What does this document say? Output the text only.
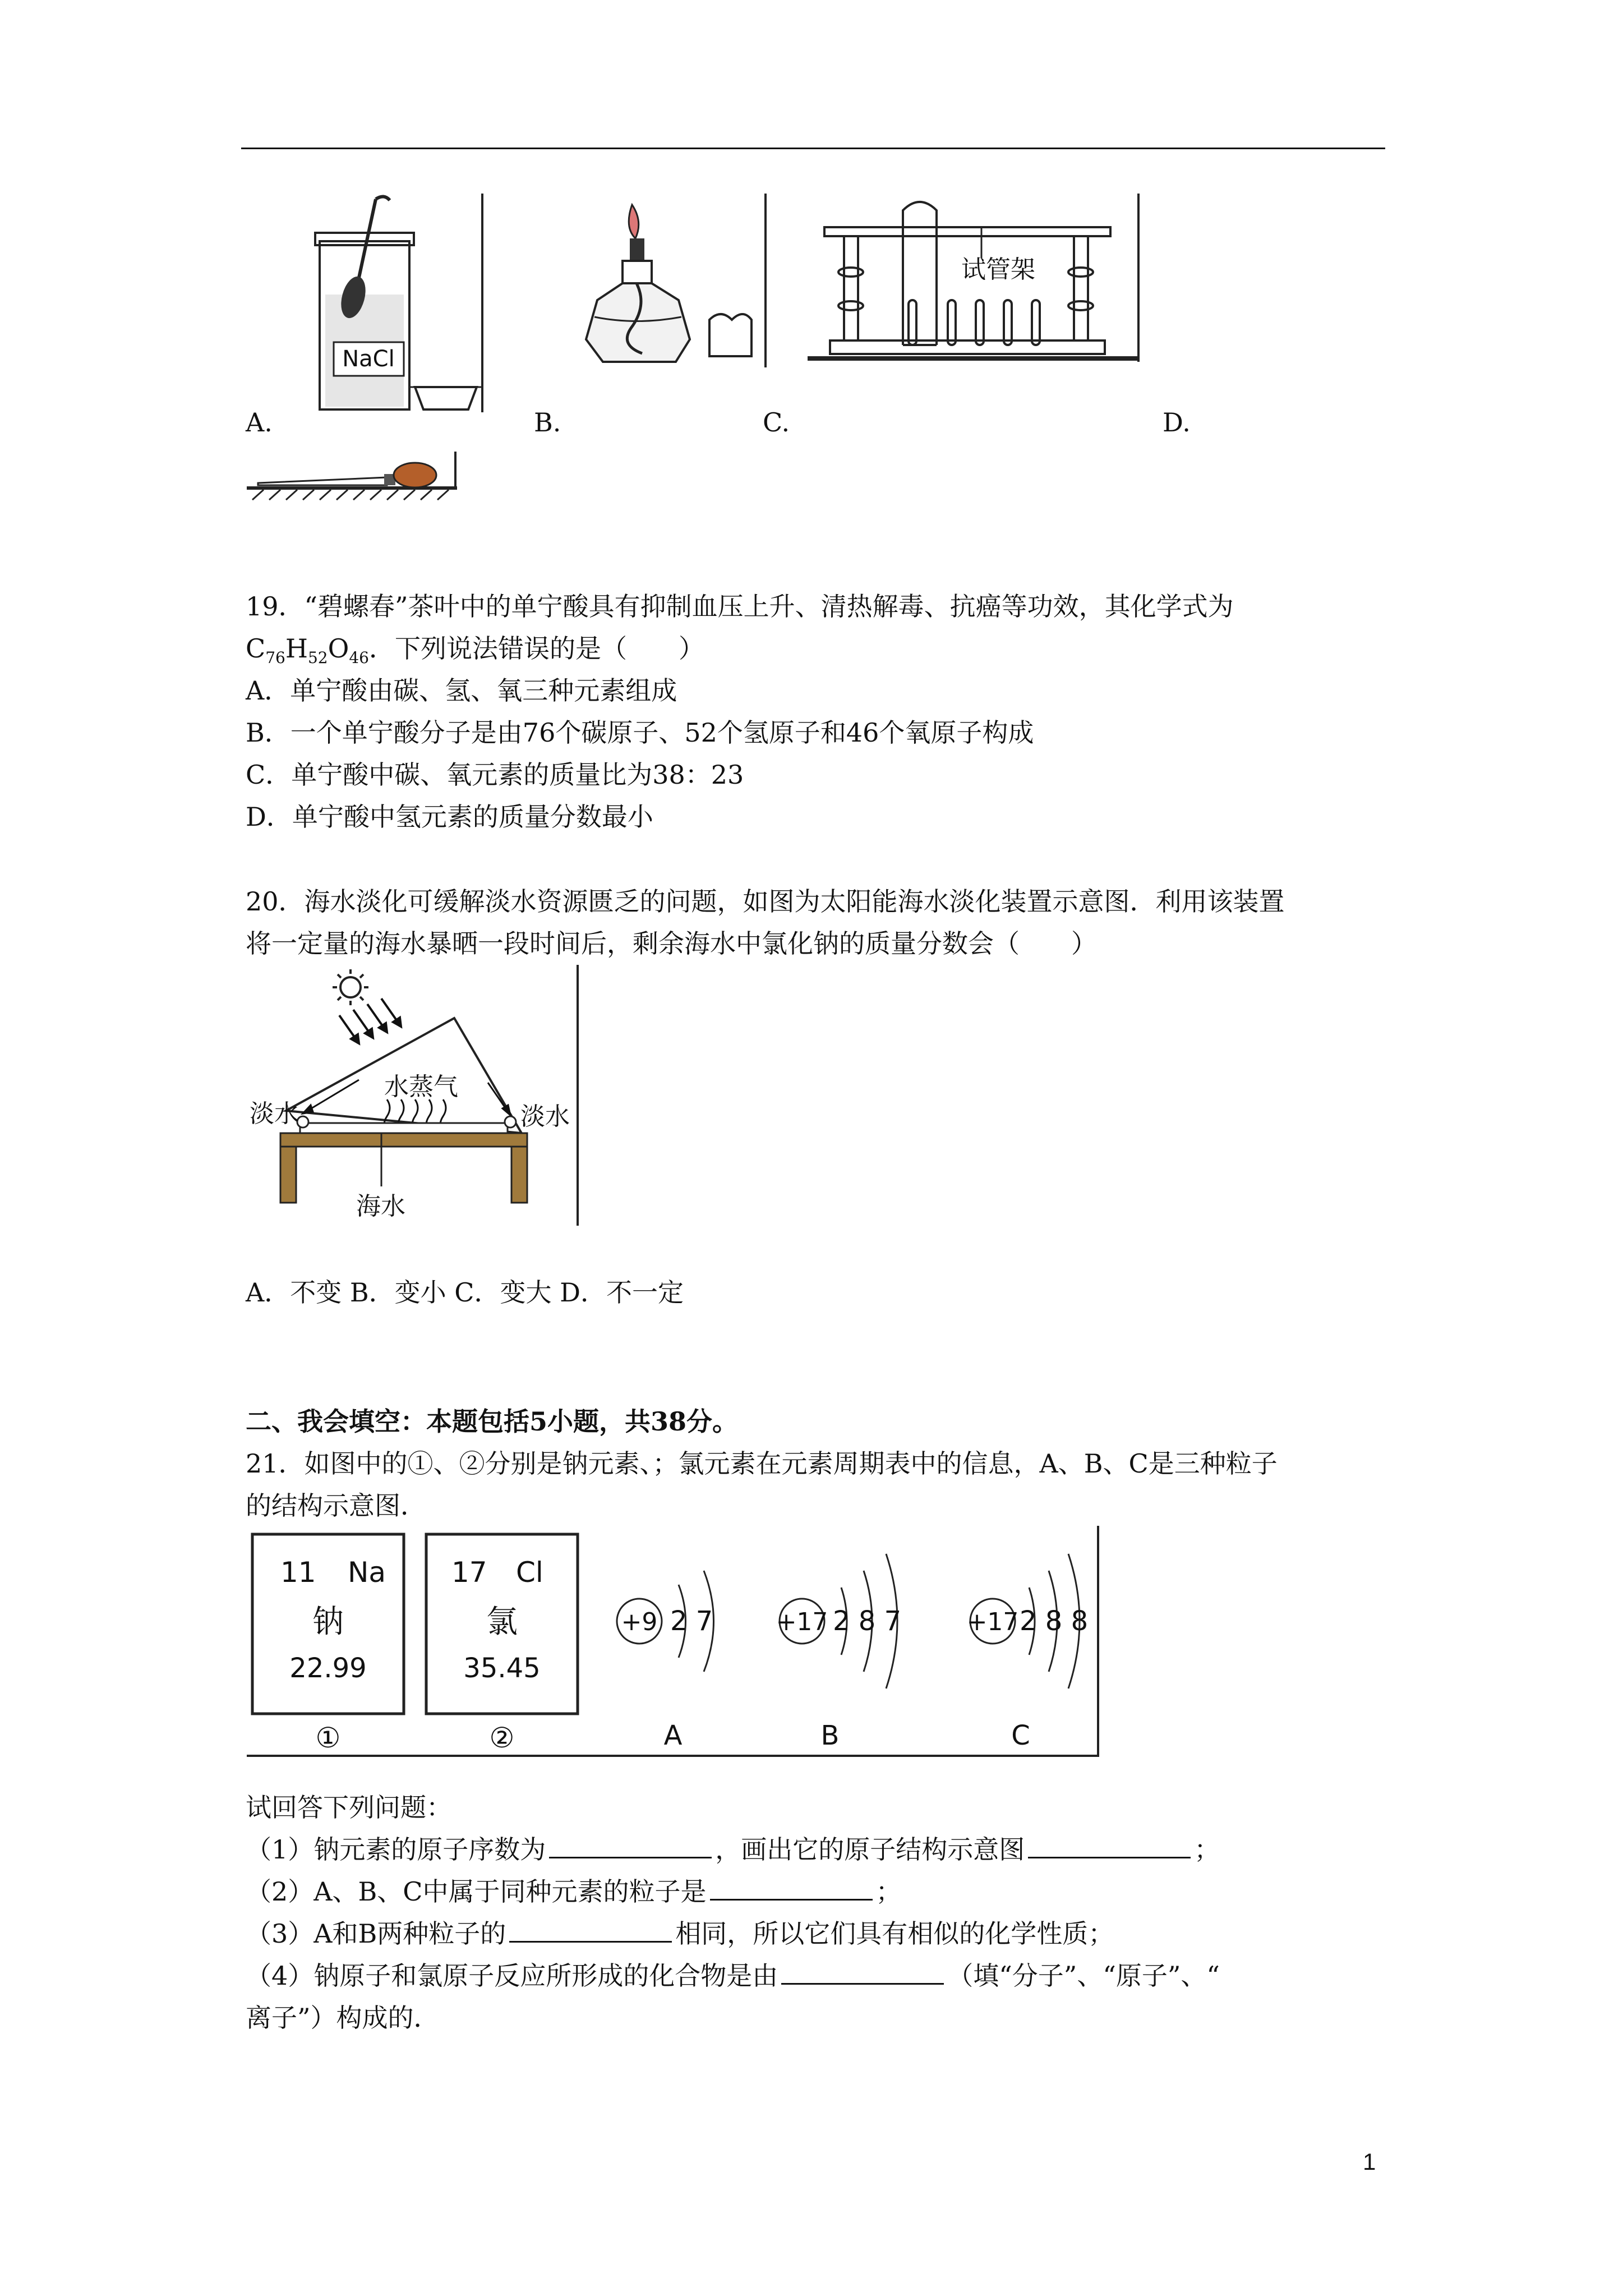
NaCl
试管架
A.	B.	C.	D.
19．“碧螺春”茶叶中的单宁酸具有抑制血压上升、清热解毒、抗癌等功效，其化学式为
$C_{76}H_{52}O_{46}$．下列说法错误的是（　　）
A．单宁酸由碳、氢、氧三种元素组成
B．一个单宁酸分子是由76个碳原子、52个氢原子和46个氧原子构成
C．单宁酸中碳、氧元素的质量比为38：23
D．单宁酸中氢元素的质量分数最小
20．海水淡化可缓解淡水资源匮乏的问题，如图为太阳能海水淡化装置示意图．利用该装置
将一定量的海水暴晒一段时间后，剩余海水中氯化钠的质量分数会（　　）
淡水	淡水
水蒸气
海水
A．不变 B．变小 C．变大 D．不一定
二、我会填空：本题包括5小题，共38分。
21．如图中的①、②分别是钠元素、；氯元素在元素周期表中的信息，A、B、C是三种粒子
的结构示意图．
11 Na
钠
22.99
①
17 Cl
氯
35.45
②
+9 2 7
A
+17 2 8 7
B
+17 2 8 8
C
试回答下列问题：
（1）钠元素的原子序数为	，画出它的原子结构示意图	；
（2）A、B、C中属于同种元素的粒子是	；
（3）A和B两种粒子的	相同，所以它们具有相似的化学性质；
（4）钠原子和氯原子反应所形成的化合物是由	（填“分子”、“原子”、“
离子”）构成的．
1
